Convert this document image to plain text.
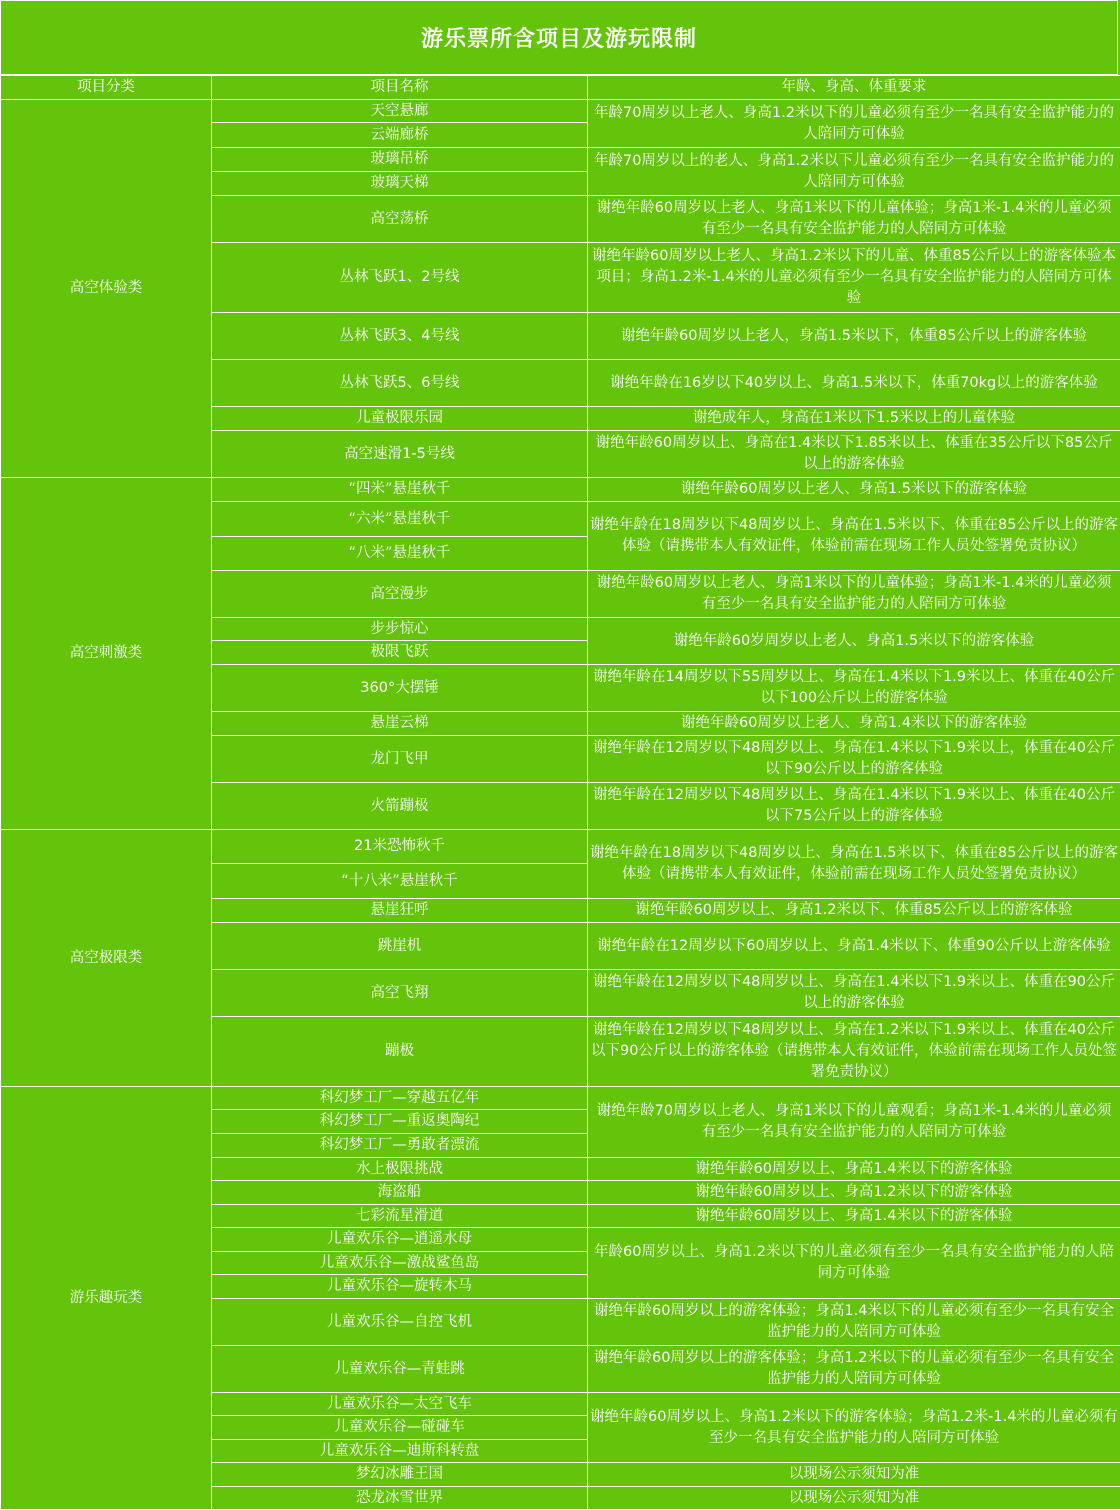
游乐票所含项目及游玩限制
项目分类	项目名称	年龄、身高、体重要求
高空体验类	天空悬廊	年龄70周岁以上老人、身高1.2米以下的儿童必须有至少一名具有安全监护能力的人陪同方可体验
	云端廊桥	
	玻璃吊桥	年龄70周岁以上的老人、身高1.2米以下儿童必须有至少一名具有安全监护能力的人陪同方可体验
	玻璃天梯	
	高空荡桥	谢绝年龄60周岁以上老人、身高1米以下的儿童体验；身高1米-1.4米的儿童必须有至少一名具有安全监护能力的人陪同方可体验
	丛林飞跃1、2号线	谢绝年龄60周岁以上老人、身高1.2米以下的儿童、体重85公斤以上的游客体验本项目；身高1.2米-1.4米的儿童必须有至少一名具有安全监护能力的人陪同方可体验
	丛林飞跃3、4号线	谢绝年龄60周岁以上老人，身高1.5米以下，体重85公斤以上的游客体验
	丛林飞跃5、6号线	谢绝年龄在16岁以下40岁以上、身高1.5米以下，体重70kg以上的游客体验
	儿童极限乐园	谢绝成年人，身高在1米以下1.5米以上的儿童体验
	高空速滑1-5号线	谢绝年龄60周岁以上、身高在1.4米以下1.85米以上、体重在35公斤以下85公斤以上的游客体验
高空刺激类	“四米”悬崖秋千	谢绝年龄60周岁以上老人、身高1.5米以下的游客体验
	“六米”悬崖秋千	谢绝年龄在18周岁以下48周岁以上、身高在1.5米以下、体重在85公斤以上的游客体验（请携带本人有效证件，体验前需在现场工作人员处签署免责协议）
	“八米”悬崖秋千	
	高空漫步	谢绝年龄60周岁以上老人、身高1米以下的儿童体验；身高1米-1.4米的儿童必须有至少一名具有安全监护能力的人陪同方可体验
	步步惊心	谢绝年龄60岁周岁以上老人、身高1.5米以下的游客体验
	极限飞跃	
	360°大摆锤	谢绝年龄在14周岁以下55周岁以上、身高在1.4米以下1.9米以上、体重在40公斤以下100公斤以上的游客体验
	悬崖云梯	谢绝年龄60周岁以上老人、身高1.4米以下的游客体验
	龙门飞甲	谢绝年龄在12周岁以下48周岁以上、身高在1.4米以下1.9米以上，体重在40公斤以下90公斤以上的游客体验
	火箭蹦极	谢绝年龄在12周岁以下48周岁以上、身高在1.4米以下1.9米以上、体重在40公斤以下75公斤以上的游客体验
高空极限类	21米恐怖秋千	谢绝年龄在18周岁以下48周岁以上、身高在1.5米以下、体重在85公斤以上的游客体验（请携带本人有效证件，体验前需在现场工作人员处签署免责协议）
	“十八米”悬崖秋千	
	悬崖狂呼	谢绝年龄60周岁以上、身高1.2米以下、体重85公斤以上的游客体验
	跳崖机	谢绝年龄在12周岁以下60周岁以上、身高1.4米以下、体重90公斤以上游客体验
	高空飞翔	谢绝年龄在12周岁以下48周岁以上、身高在1.4米以下1.9米以上、体重在90公斤以上的游客体验
	蹦极	谢绝年龄在12周岁以下48周岁以上、身高在1.2米以下1.9米以上、体重在40公斤以下90公斤以上的游客体验（请携带本人有效证件，体验前需在现场工作人员处签署免责协议）
游乐趣玩类	科幻梦工厂—穿越五亿年	谢绝年龄70周岁以上老人、身高1米以下的儿童观看；身高1米-1.4米的儿童必须有至少一名具有安全监护能力的人陪同方可体验
	科幻梦工厂—重返奥陶纪	
	科幻梦工厂—勇敢者漂流	
	水上极限挑战	谢绝年龄60周岁以上、身高1.4米以下的游客体验
	海盗船	谢绝年龄60周岁以上、身高1.2米以下的游客体验
	七彩流星滑道	谢绝年龄60周岁以上、身高1.4米以下的游客体验
	儿童欢乐谷—逍遥水母	年龄60周岁以上、身高1.2米以下的儿童必须有至少一名具有安全监护能力的人陪同方可体验
	儿童欢乐谷—激战鲨鱼岛	
	儿童欢乐谷—旋转木马	
	儿童欢乐谷—自控飞机	谢绝年龄60周岁以上的游客体验；身高1.4米以下的儿童必须有至少一名具有安全监护能力的人陪同方可体验
	儿童欢乐谷—青蛙跳	谢绝年龄60周岁以上的游客体验；身高1.2米以下的儿童必须有至少一名具有安全监护能力的人陪同方可体验
	儿童欢乐谷—太空飞车	谢绝年龄60周岁以上、身高1.2米以下的游客体验；身高1.2米-1.4米的儿童必须有至少一名具有安全监护能力的人陪同方可体验
	儿童欢乐谷—碰碰车	
	儿童欢乐谷—迪斯科转盘	
	梦幻冰雕王国	以现场公示须知为准
	恐龙冰雪世界	以现场公示须知为准
